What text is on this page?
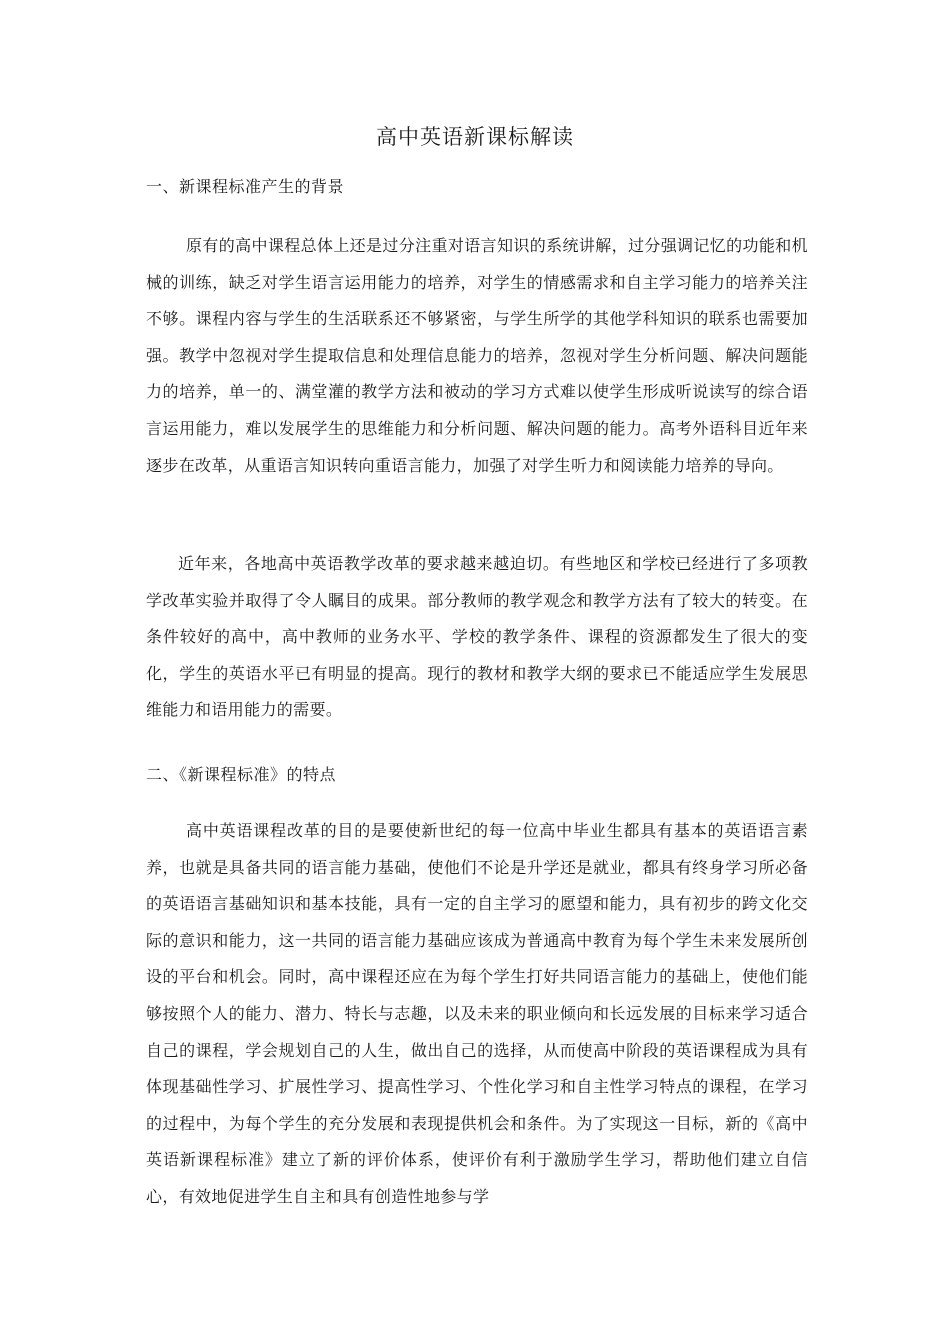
高中英语新课标解读
一、新课程标准产生的背景

原有的高中课程总体上还是过分注重对语言知识的系统讲解，过分强调记忆的功能和机械的训练，缺乏对学生语言运用能力的培养，对学生的情感需求和自主学习能力的培养关注不够。课程内容与学生的生活联系还不够紧密，与学生所学的其他学科知识的联系也需要加强。教学中忽视对学生提取信息和处理信息能力的培养，忽视对学生分析问题、解决问题能力的培养，单一的、满堂灌的教学方法和被动的学习方式难以使学生形成听说读写的综合语言运用能力，难以发展学生的思维能力和分析问题、解决问题的能力。高考外语科目近年来逐步在改革，从重语言知识转向重语言能力，加强了对学生听力和阅读能力培养的导向。

近年来，各地高中英语教学改革的要求越来越迫切。有些地区和学校已经进行了多项教学改革实验并取得了令人瞩目的成果。部分教师的教学观念和教学方法有了较大的转变。在条件较好的高中，高中教师的业务水平、学校的教学条件、课程的资源都发生了很大的变化，学生的英语水平已有明显的提高。现行的教材和教学大纲的要求已不能适应学生发展思维能力和语用能力的需要。

二、《新课程标准》的特点

高中英语课程改革的目的是要使新世纪的每一位高中毕业生都具有基本的英语语言素养，也就是具备共同的语言能力基础，使他们不论是升学还是就业，都具有终身学习所必备的英语语言基础知识和基本技能，具有一定的自主学习的愿望和能力，具有初步的跨文化交际的意识和能力，这一共同的语言能力基础应该成为普通高中教育为每个学生未来发展所创设的平台和机会。同时，高中课程还应在为每个学生打好共同语言能力的基础上，使他们能够按照个人的能力、潜力、特长与志趣，以及未来的职业倾向和长远发展的目标来学习适合自己的课程，学会规划自己的人生，做出自己的选择，从而使高中阶段的英语课程成为具有体现基础性学习、扩展性学习、提高性学习、个性化学习和自主性学习特点的课程，在学习的过程中，为每个学生的充分发展和表现提供机会和条件。为了实现这一目标，新的《高中英语新课程标准》建立了新的评价体系，使评价有利于激励学生学习，帮助他们建立自信心，有效地促进学生自主和具有创造性地参与学
